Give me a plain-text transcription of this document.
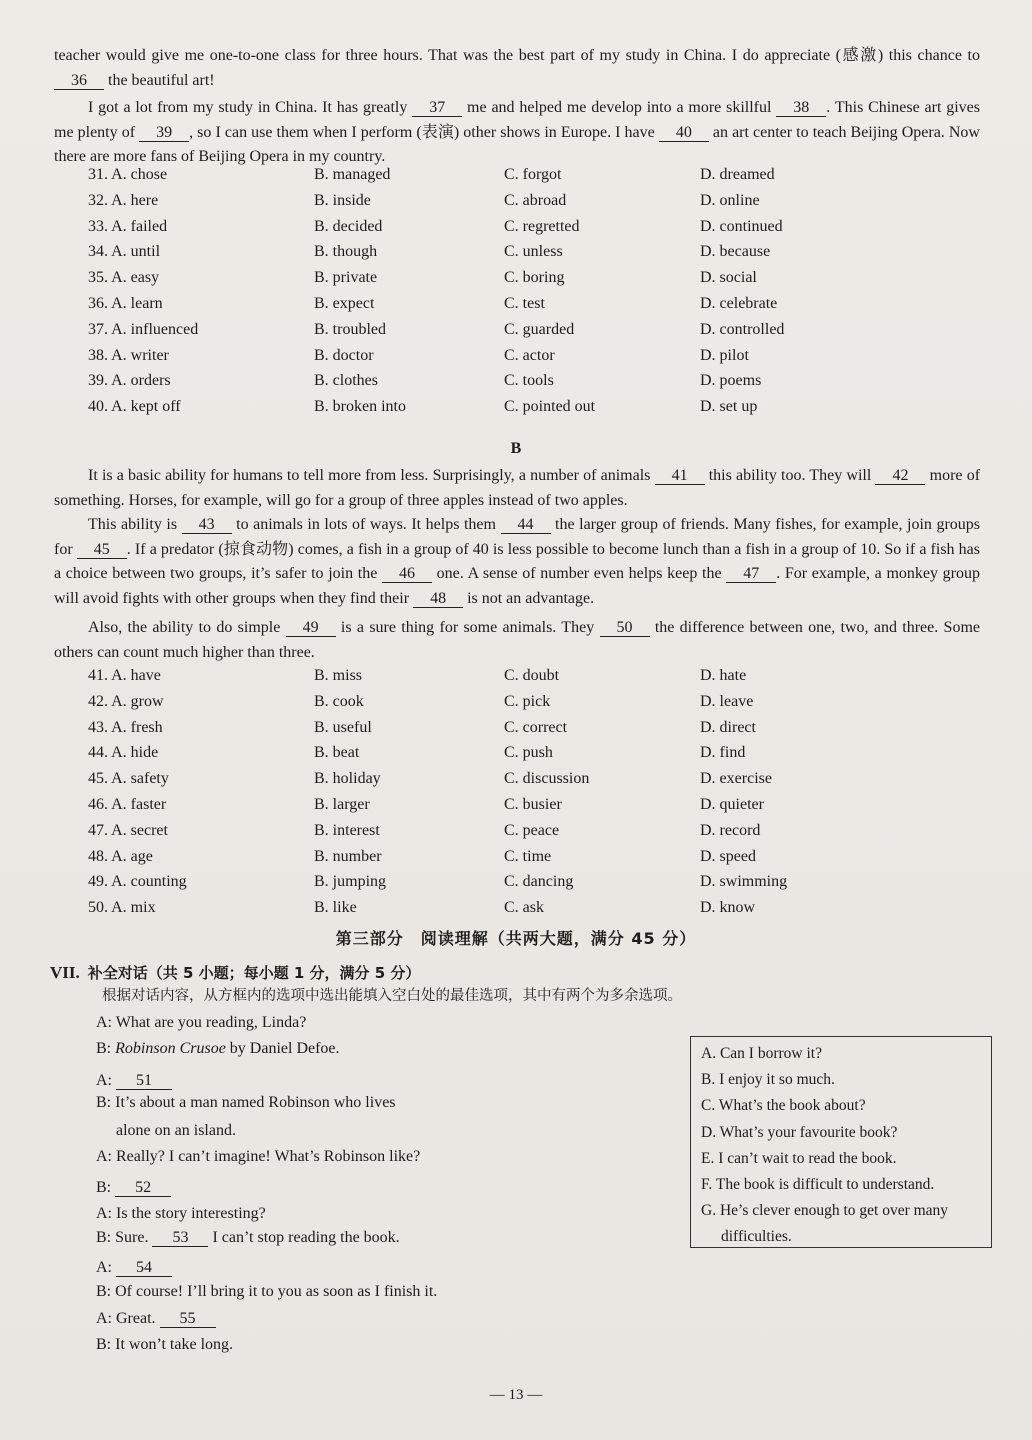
teacher would give me one-to-one class for three hours. That was the best part of my study in China. I do appreciate (感激) this chance to 36 the beautiful art!
I got a lot from my study in China. It has greatly 37 me and helped me develop into a more skillful 38 . This Chinese art gives me plenty of 39 , so I can use them when I perform (表演) other shows in Europe. I have 40 an art center to teach Beijing Opera. Now there are more fans of Beijing Opera in my country.
31. A. chose	B. managed	C. forgot	D. dreamed
32. A. here	B. inside	C. abroad	D. online
33. A. failed	B. decided	C. regretted	D. continued
34. A. until	B. though	C. unless	D. because
35. A. easy	B. private	C. boring	D. social
36. A. learn	B. expect	C. test	D. celebrate
37. A. influenced	B. troubled	C. guarded	D. controlled
38. A. writer	B. doctor	C. actor	D. pilot
39. A. orders	B. clothes	C. tools	D. poems
40. A. kept off	B. broken into	C. pointed out	D. set up
B
It is a basic ability for humans to tell more from less. Surprisingly, a number of animals 41 this ability too. They will 42 more of something. Horses, for example, will go for a group of three apples instead of two apples.
This ability is 43 to animals in lots of ways. It helps them 44 the larger group of friends. Many fishes, for example, join groups for 45 . If a predator (掠食动物) comes, a fish in a group of 40 is less possible to become lunch than a fish in a group of 10. So if a fish has a choice between two groups, it’s safer to join the 46 one. A sense of number even helps keep the 47 . For example, a monkey group will avoid fights with other groups when they find their 48 is not an advantage.
Also, the ability to do simple 49 is a sure thing for some animals. They 50 the difference between one, two, and three. Some others can count much higher than three.
41. A. have	B. miss	C. doubt	D. hate
42. A. grow	B. cook	C. pick	D. leave
43. A. fresh	B. useful	C. correct	D. direct
44. A. hide	B. beat	C. push	D. find
45. A. safety	B. holiday	C. discussion	D. exercise
46. A. faster	B. larger	C. busier	D. quieter
47. A. secret	B. interest	C. peace	D. record
48. A. age	B. number	C. time	D. speed
49. A. counting	B. jumping	C. dancing	D. swimming
50. A. mix	B. like	C. ask	D. know
第三部分　阅读理解（共两大题，满分 45 分）
VII. 补全对话（共 5 小题；每小题 1 分，满分 5 分）
根据对话内容，从方框内的选项中选出能填入空白处的最佳选项，其中有两个为多余选项。
A: What are you reading, Linda?
B: Robinson Crusoe by Daniel Defoe.
A: 51
B: It’s about a man named Robinson who lives
alone on an island.
A: Really? I can’t imagine! What’s Robinson like?
B: 52
A: Is the story interesting?
B: Sure. 53 I can’t stop reading the book.
A: 54
B: Of course! I’ll bring it to you as soon as I finish it.
A: Great. 55
B: It won’t take long.
A. Can I borrow it?
B. I enjoy it so much.
C. What’s the book about?
D. What’s your favourite book?
E. I can’t wait to read the book.
F. The book is difficult to understand.
G. He’s clever enough to get over many difficulties.
— 13 —
